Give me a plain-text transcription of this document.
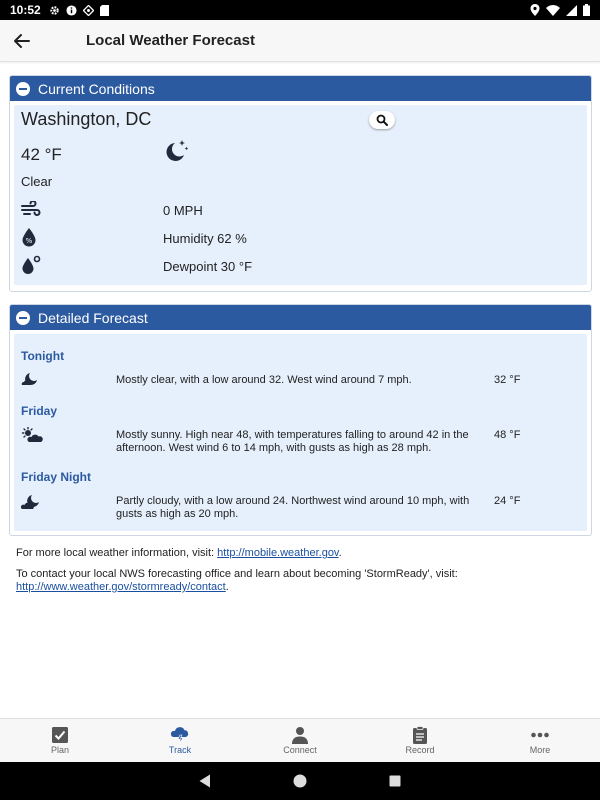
10:52
Local Weather Forecast
Current Conditions
Washington, DC
42 °F
Clear
0 MPH
%	Humidity 62 %
Dewpoint 30 °F
Detailed Forecast
Tonight
Mostly clear, with a low around 32. West wind around 7 mph.	32 °F
Friday
Mostly sunny. High near 48, with temperatures falling to around 42 in the afternoon. West wind 6 to 14 mph, with gusts as high as 28 mph.
48 °F
Friday Night
Partly cloudy, with a low around 24. Northwest wind around 10 mph, with gusts as high as 20 mph.
24 °F

For more local weather information, visit: http://mobile.weather.gov.

To contact your local NWS forecasting office and learn about becoming 'StormReady', visit: http://www.weather.gov/stormready/contact.

Plan	Track	Connect	Record	More
